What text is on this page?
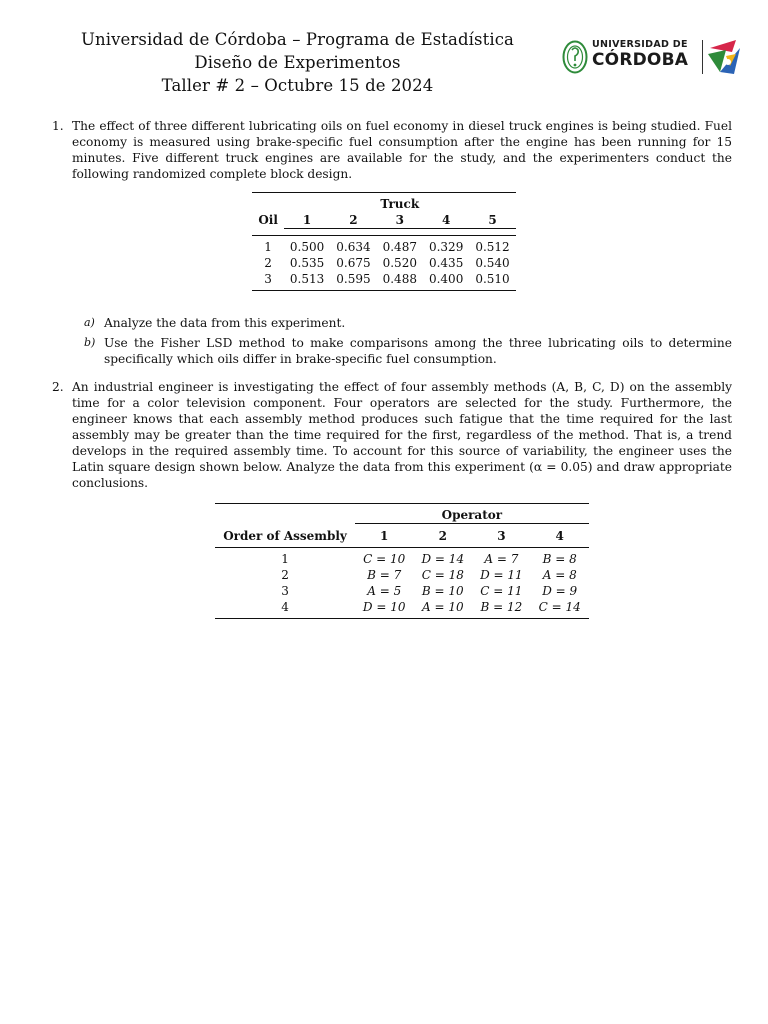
Universidad de Córdoba – Programa de Estadística
Diseño de Experimentos
Taller # 2 – Octubre 15 de 2024
UNIVERSIDAD DE
CÓRDOBA
1. The effect of three different lubricating oils on fuel economy in diesel truck engines is being studied. Fuel economy is measured using brake-specific fuel consumption after the engine has been running for 15 minutes. Five different truck engines are available for the study, and the experimenters conduct the following randomized complete block design.

	Truck				
Oil	1	2	3	4	5

1	0.500	0.634	0.487	0.329	0.512
2	0.535	0.675	0.520	0.435	0.540
3	0.513	0.595	0.488	0.400	0.510
a) Analyze the data from this experiment.

b) Use the Fisher LSD method to make comparisons among the three lubricating oils to determine specifically which oils differ in brake-specific fuel consumption.

2. An industrial engineer is investigating the effect of four assembly methods (A, B, C, D) on the assembly time for a color television component. Four operators are selected for the study. Furthermore, the engineer knows that each assembly method produces such fatigue that the time required for the last assembly may be greater than the time required for the first, regardless of the method. That is, a trend develops in the required assembly time. To account for this source of variability, the engineer uses the Latin square design shown below. Analyze the data from this experiment (α = 0.05) and draw appropriate conclusions.

	Operator			
Order of Assembly	1	2	3	4
1	C = 10	D = 14	A = 7	B = 8
2	B = 7	C = 18	D = 11	A = 8
3	A = 5	B = 10	C = 11	D = 9
4	D = 10	A = 10	B = 12	C = 14
